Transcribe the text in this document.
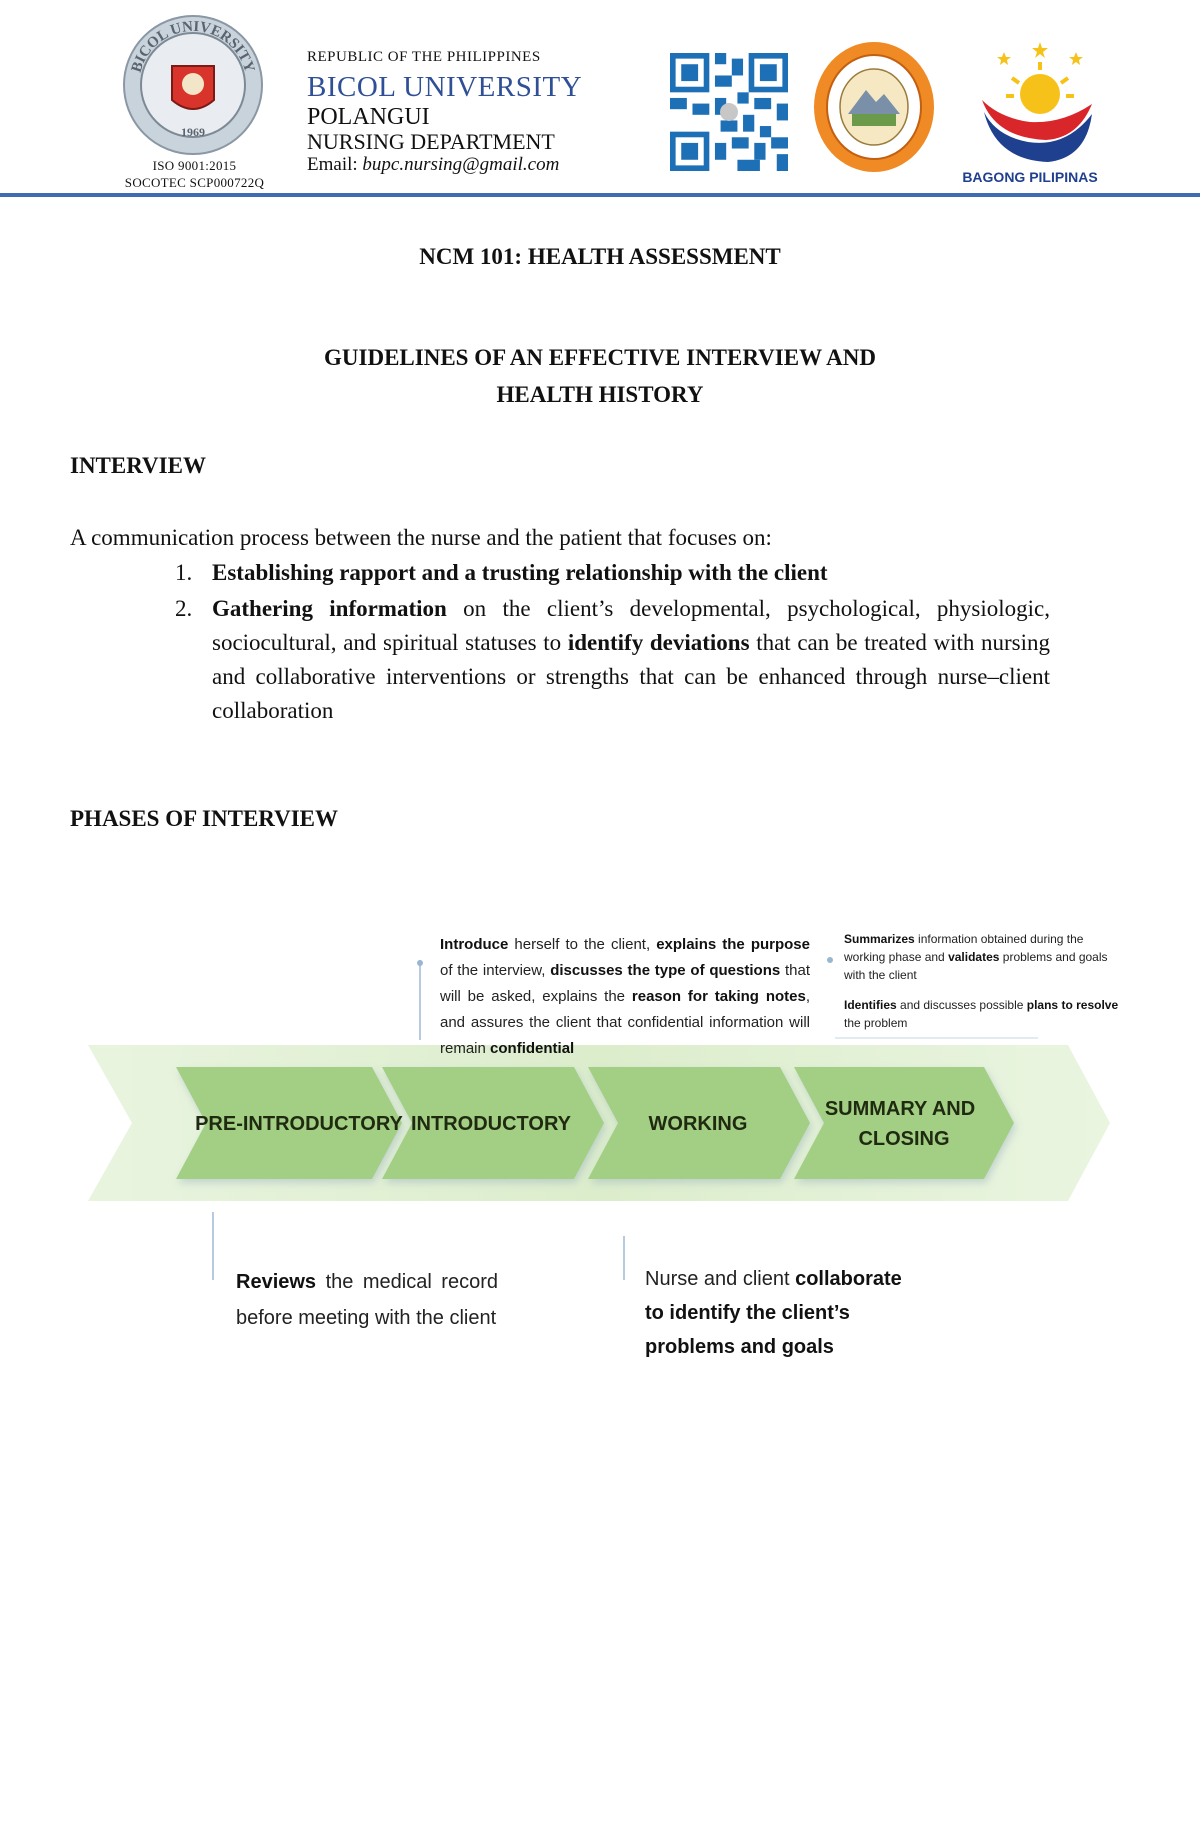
BICOL UNIVERSITY
1969
ISO 9001:2015
SOCOTEC SCP000722Q
REPUBLIC OF THE PHILIPPINES
BICOL UNIVERSITY
POLANGUI
NURSING DEPARTMENT
Email: bupc.nursing@gmail.com
BAGONG PILIPINAS
NCM 101: HEALTH ASSESSMENT
GUIDELINES OF AN EFFECTIVE INTERVIEW AND
HEALTH HISTORY
INTERVIEW
A communication process between the nurse and the patient that focuses on:
1. Establishing rapport and a trusting relationship with the client
2. Gathering information on the client’s developmental, psychological, physiologic, sociocultural, and spiritual statuses to identify deviations that can be treated with nursing and collaborative interventions or strengths that can be enhanced through nurse–client collaboration
PHASES OF INTERVIEW
PRE-INTRODUCTORY INTRODUCTORY	WORKING
SUMMARY AND
CLOSING
Introduce herself to the client, explains the purpose of the interview, discusses the type of questions that will be asked, explains the reason for taking notes, and assures the client that confidential information will remain confidential
Summarizes information obtained during the working phase and validates problems and goals with the client
Identifies and discusses possible plans to resolve the problem
Reviews the medical record before meeting with the client
Nurse and client collaborate to identify the client’s problems and goals
